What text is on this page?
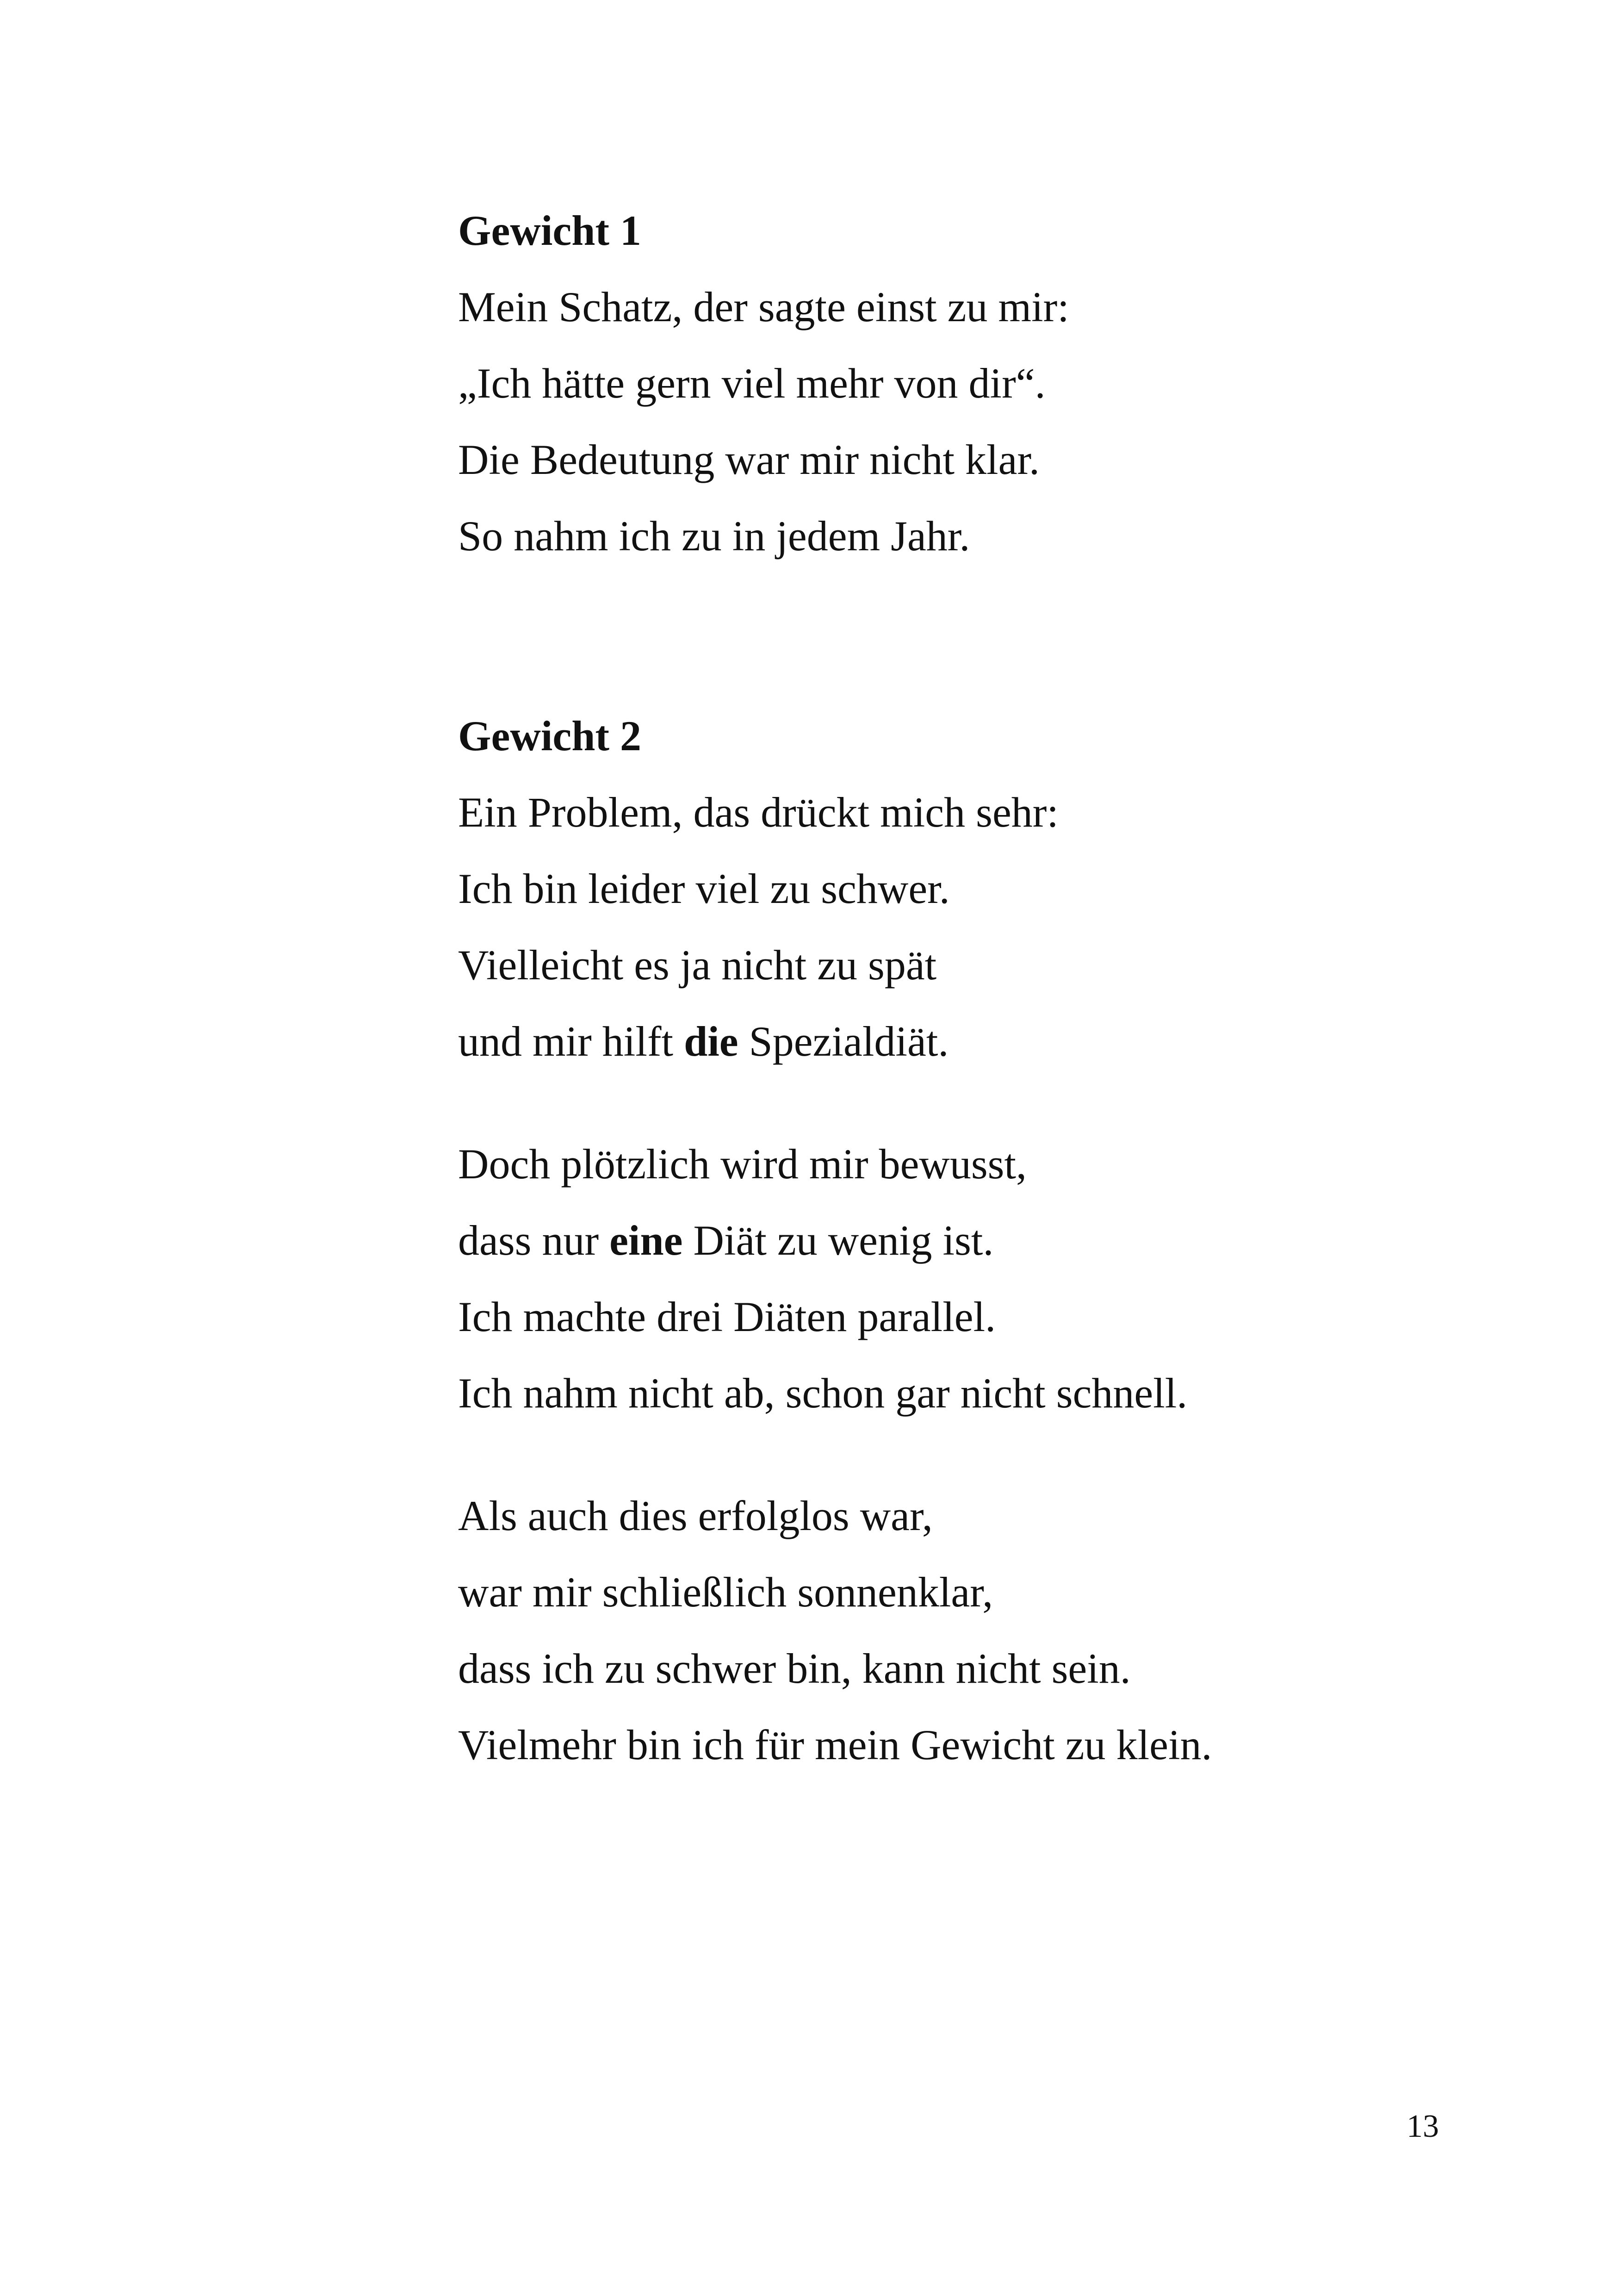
Gewicht 1
Mein Schatz, der sagte einst zu mir:
„Ich hätte gern viel mehr von dir“.
Die Bedeutung war mir nicht klar.
So nahm ich zu in jedem Jahr.
Gewicht 2
Ein Problem, das drückt mich sehr:
Ich bin leider viel zu schwer.
Vielleicht es ja nicht zu spät
und mir hilft die Spezialdiät.
Doch plötzlich wird mir bewusst,
dass nur eine Diät zu wenig ist.
Ich machte drei Diäten parallel.
Ich nahm nicht ab, schon gar nicht schnell.
Als auch dies erfolglos war,
war mir schließlich sonnenklar,
dass ich zu schwer bin, kann nicht sein.
Vielmehr bin ich für mein Gewicht zu klein.
13
